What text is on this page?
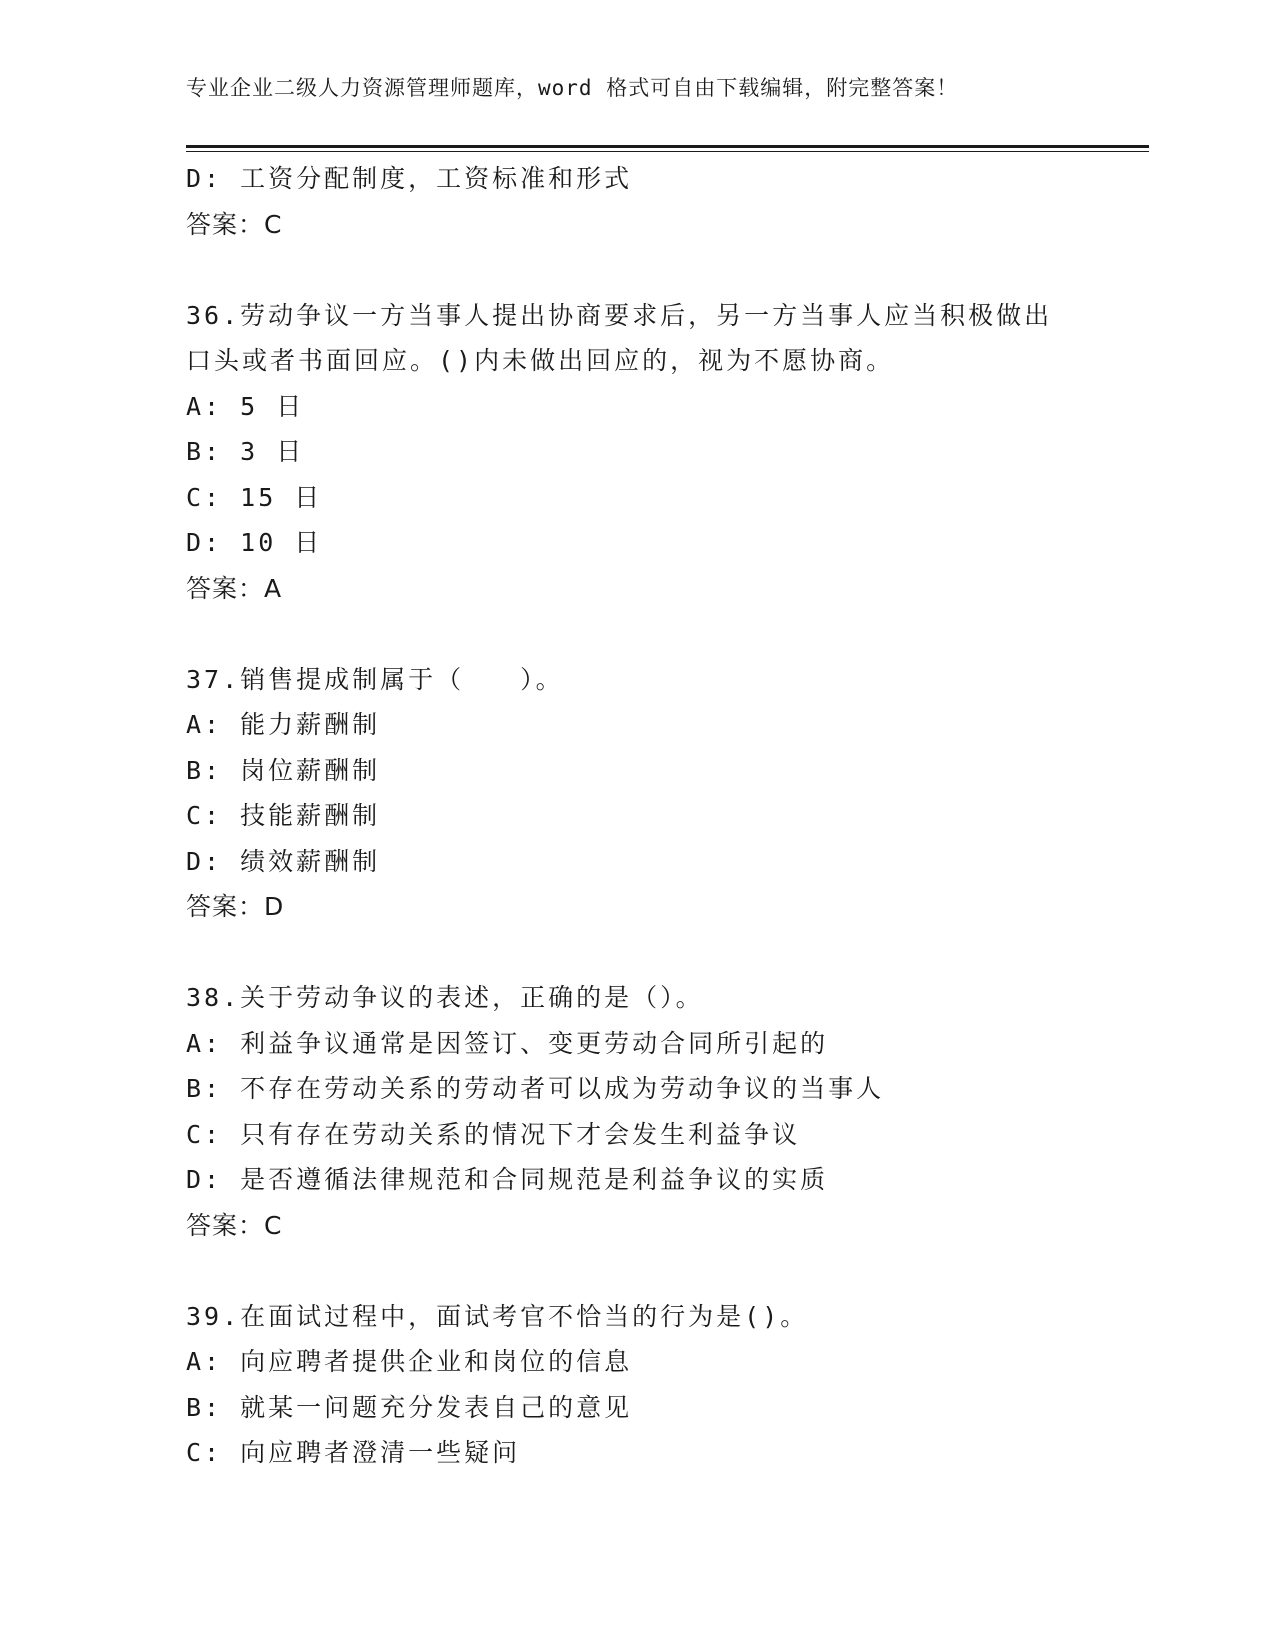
专业企业二级人力资源管理师题库，word 格式可自由下载编辑，附完整答案！
D: 工资分配制度，工资标准和形式
答案：C
36.劳动争议一方当事人提出协商要求后，另一方当事人应当积极做出
口头或者书面回应。()内未做出回应的，视为不愿协商。
A: 5 日
B: 3 日
C: 15 日
D: 10 日
答案：A
37.销售提成制属于（　　）。
A: 能力薪酬制
B: 岗位薪酬制
C: 技能薪酬制
D: 绩效薪酬制
答案：D
38.关于劳动争议的表述，正确的是（）。
A: 利益争议通常是因签订、变更劳动合同所引起的
B: 不存在劳动关系的劳动者可以成为劳动争议的当事人
C: 只有存在劳动关系的情况下才会发生利益争议
D: 是否遵循法律规范和合同规范是利益争议的实质
答案：C
39.在面试过程中，面试考官不恰当的行为是()。
A: 向应聘者提供企业和岗位的信息
B: 就某一问题充分发表自己的意见
C: 向应聘者澄清一些疑问
